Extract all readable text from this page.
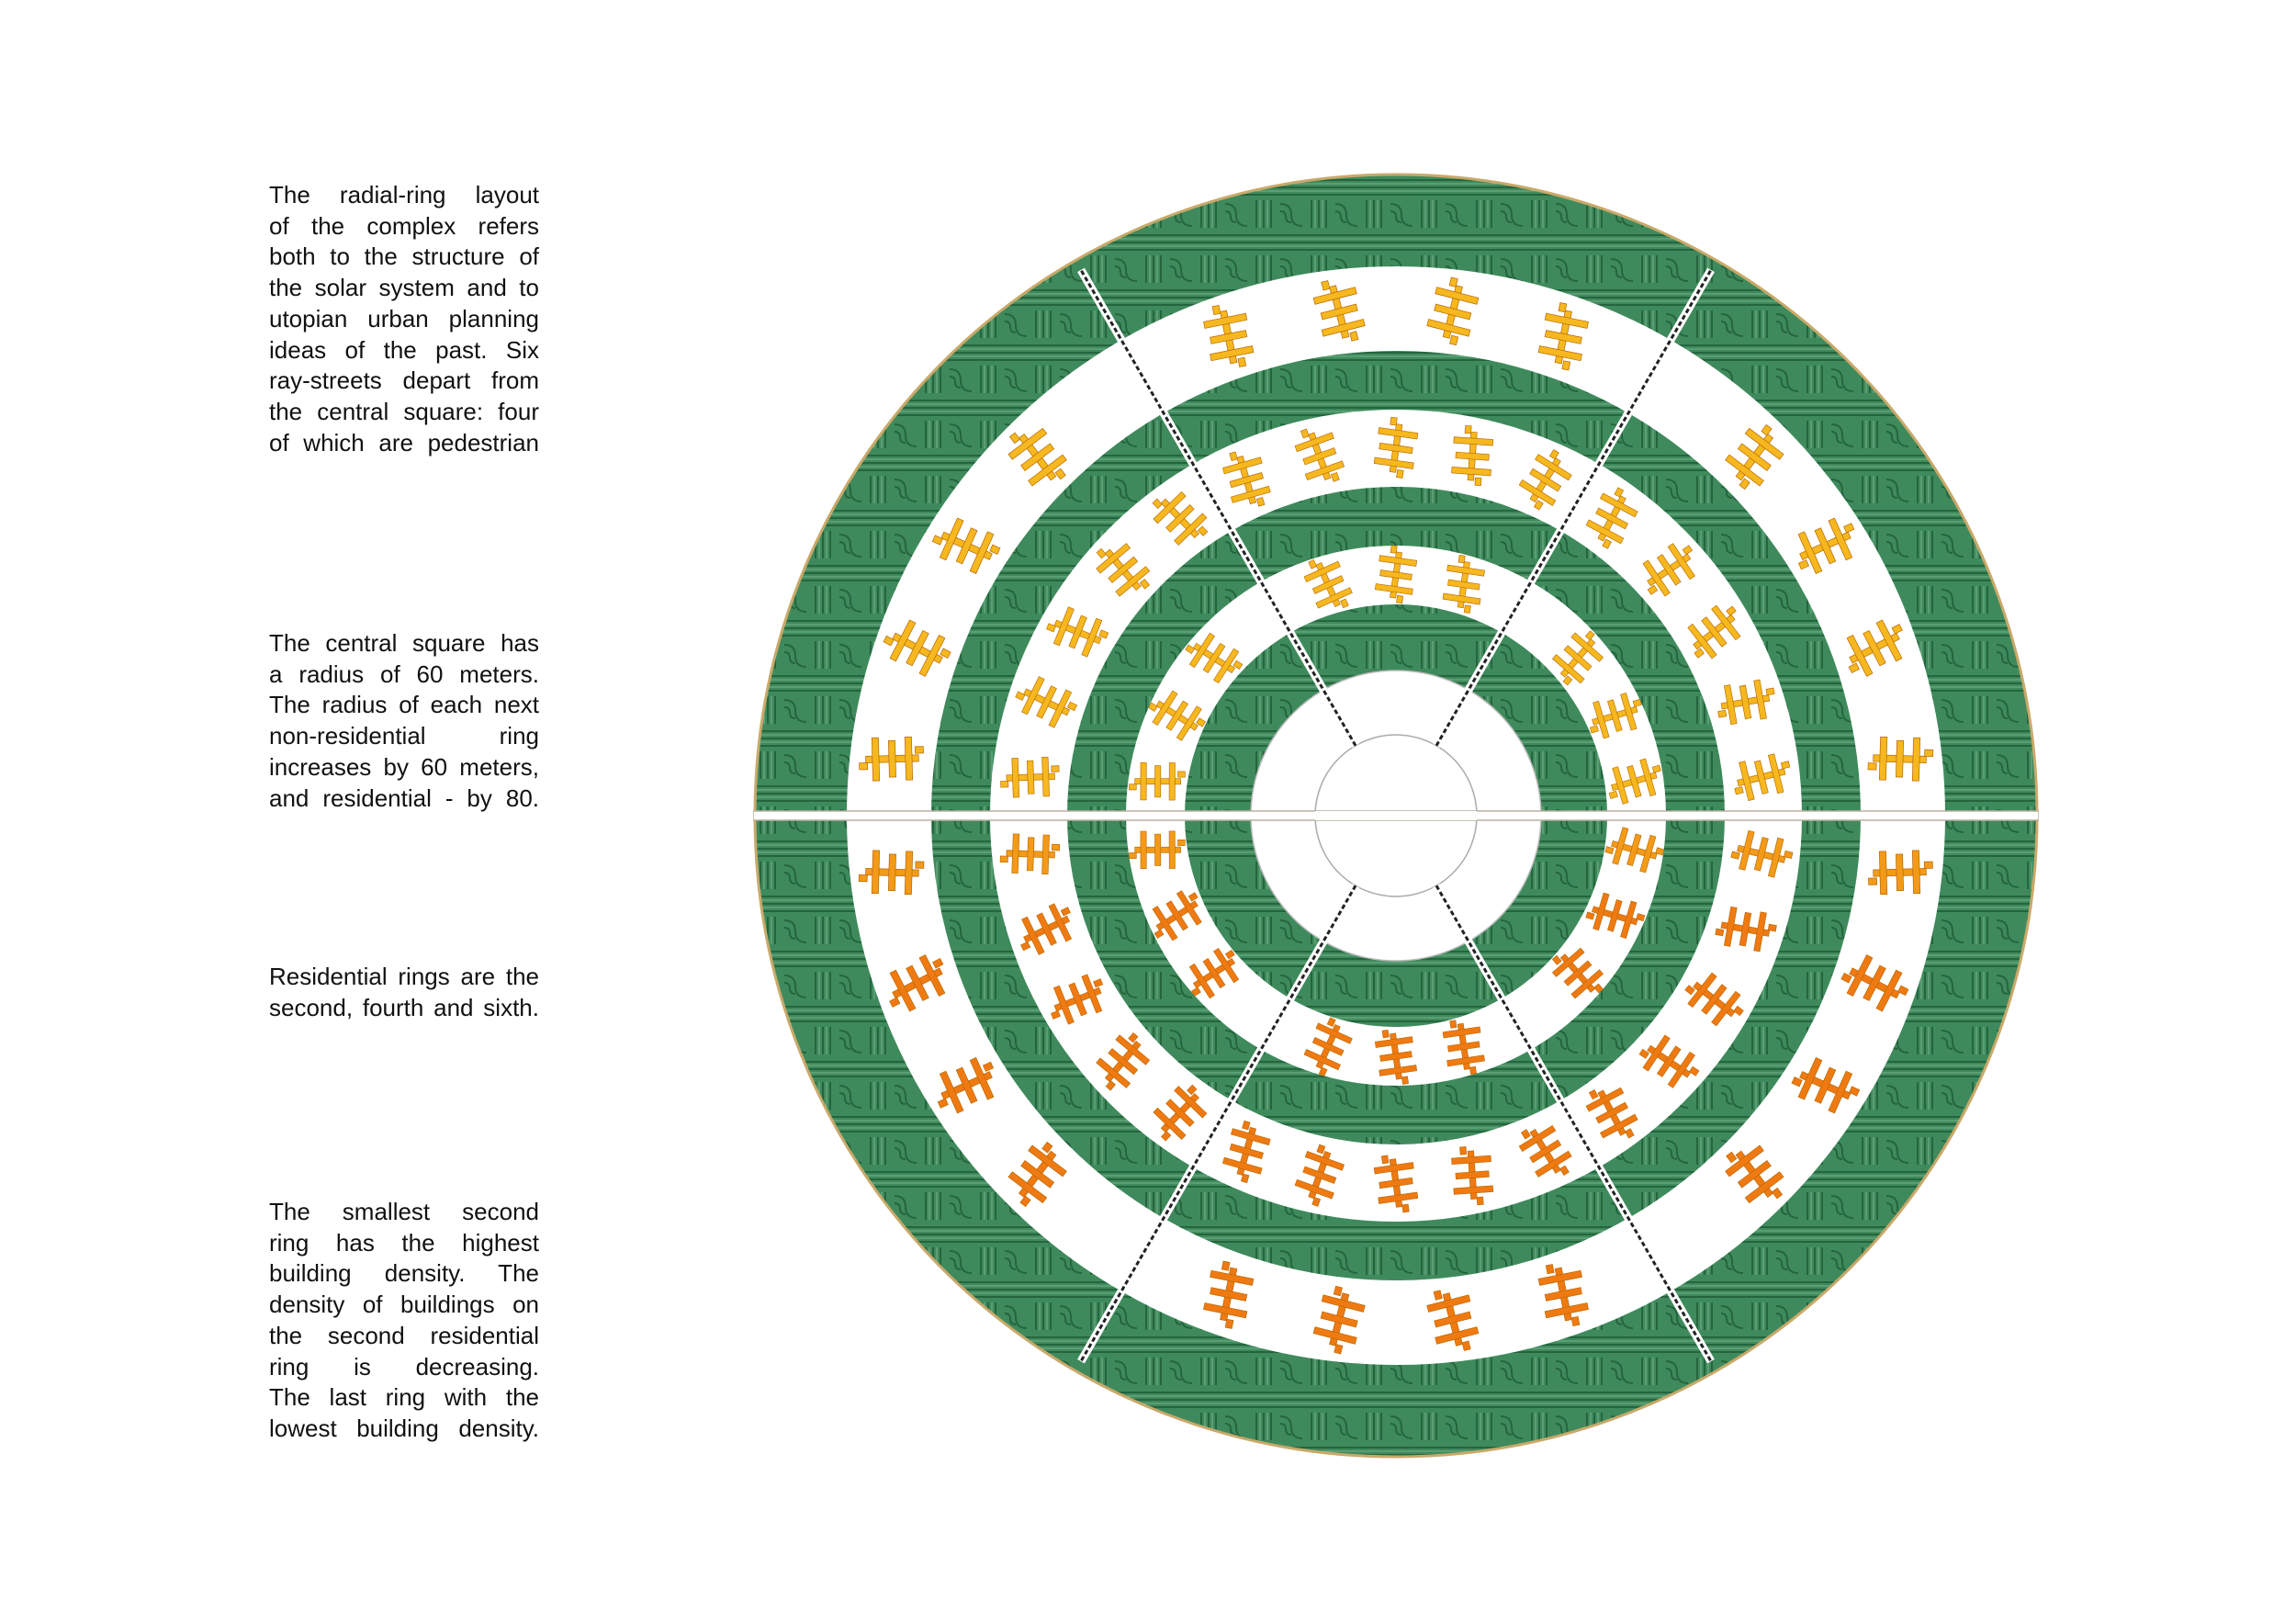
The radial-ring layout
of the complex refers
both to the structure of
the solar system and to
utopian urban planning
ideas of the past. Six
ray-streets depart from
the central square: four
of which are pedestrian

The central square has
a radius of 60 meters.
The radius of each next
non-residential ring
increases by 60 meters,
and residential - by 80.

Residential rings are the
second, fourth and sixth.

The smallest second
ring has the highest
building density. The
density of buildings on
the second residential
ring is decreasing.
The last ring with the
lowest building density.
